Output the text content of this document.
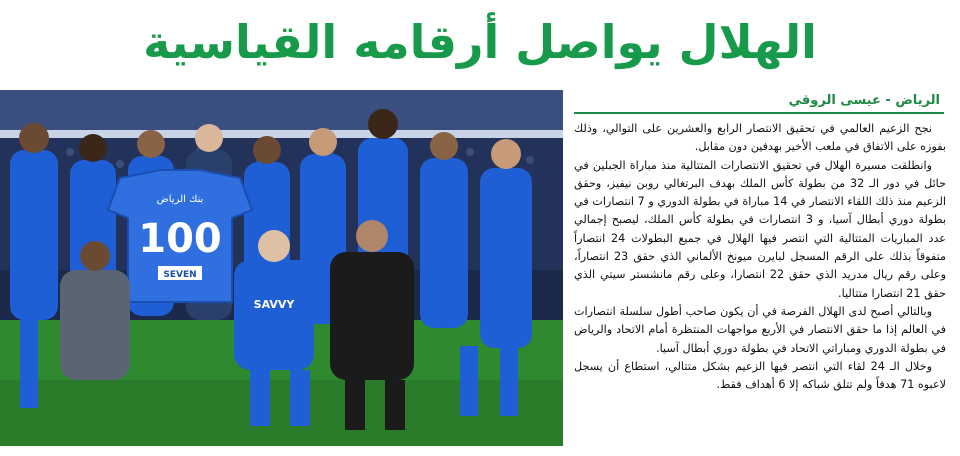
الهلال يواصل أرقامه القياسية
بنك الرياض
100
SEVEN
SAVVY
الرياض - عيسى الروقي

نجح الزعيم العالمي في تحقيق الانتصار الرابع والعشرين على التوالي، وذلك بفوزه على الاتفاق في ملعب الأخير بهدفين دون مقابل.

وانطلقت مسيرة الهلال في تحقيق الانتصارات المتتالية منذ مباراة الجبلين في حائل في دور الـ 32 من بطولة كأس الملك بهدف البرتغالي روبن نيفيز، وحقق الزعيم منذ ذلك اللقاء الانتصار في 14 مباراة في بطولة الدوري و 7 انتصارات في بطولة دوري أبطال آسيا، و 3 انتصارات في بطولة كأس الملك، ليصبح إجمالي عدد المباريات المتتالية التي انتصر فيها الهلال في جميع البطولات 24 انتصاراً متفوقاً بذلك على الرقم المسجل لبايرن ميونخ الألماني الذي حقق 23 انتصاراً، وعلى رقم ريال مدريد الذي حقق 22 انتصارا، وعلى رقم مانشستر سيتي الذي حقق 21 انتصارا متتاليا.

وبالتالي أصبح لدى الهلال الفرصة في أن يكون صاحب أطول سلسلة انتصارات في العالم إذا ما حقق الانتصار في الأربع مواجهات المنتظرة أمام الاتحاد والرياض في بطولة الدوري ومباراتي الاتحاد في بطولة دوري أبطال آسيا.

وخلال الـ 24 لقاء التي انتصر فيها الزعيم بشكل متتالي، استطاع أن يسجل لاعبوه 71 هدفاً ولم تتلق شباكه إلا 6 أهداف فقط.
